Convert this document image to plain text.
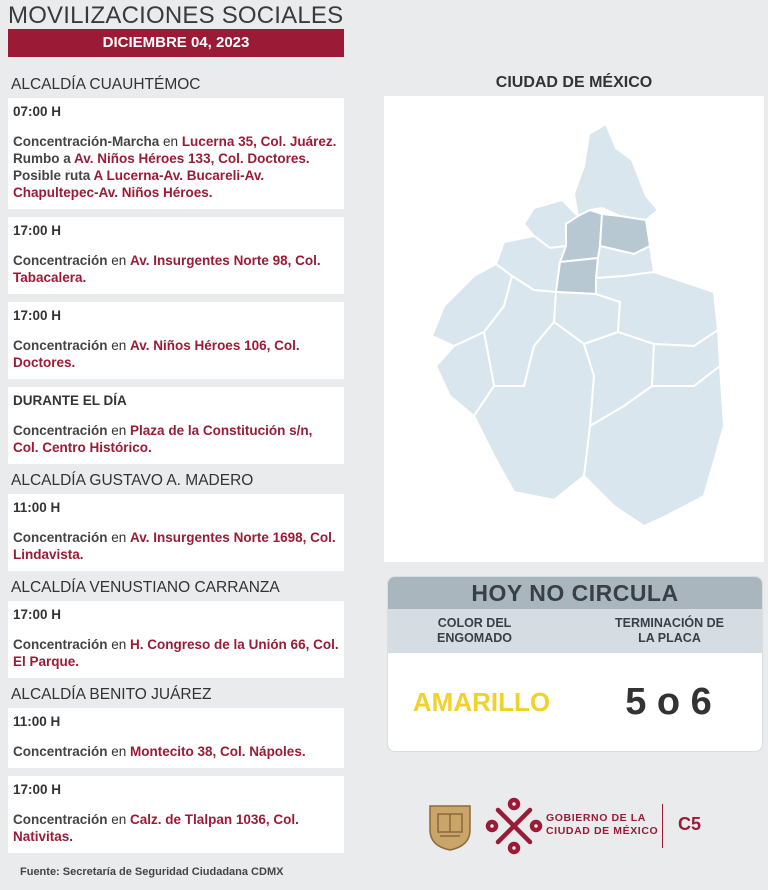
MOVILIZACIONES SOCIALES
DICIEMBRE 04, 2023
ALCALDÍA CUAUHTÉMOC
07:00 H
Concentración-Marcha en Lucerna 35, Col. Juárez. Rumbo a Av. Niños Héroes 133, Col. Doctores. Posible ruta A Lucerna-Av. Bucareli-Av. Chapultepec-Av. Niños Héroes.
17:00 H
Concentración en Av. Insurgentes Norte 98, Col. Tabacalera.
17:00 H
Concentración en Av. Niños Héroes 106, Col. Doctores.
DURANTE EL DÍA
Concentración en Plaza de la Constitución s/n, Col. Centro Histórico.
ALCALDÍA GUSTAVO A. MADERO
11:00 H
Concentración en Av. Insurgentes Norte 1698, Col. Lindavista.
ALCALDÍA VENUSTIANO CARRANZA
17:00 H
Concentración en H. Congreso de la Unión 66, Col. El Parque.
ALCALDÍA BENITO JUÁREZ
11:00 H
Concentración en Montecito 38, Col. Nápoles.
17:00 H
Concentración en Calz. de Tlalpan 1036, Col. Nativitas.
CIUDAD DE MÉXICO
HOY NO CIRCULA
COLOR DEL ENGOMADO
TERMINACIÓN DE LA PLACA
AMARILLO	5 o 6
GOBIERNO DE LA
CIUDAD DE MÉXICO C5
Fuente: Secretaría de Seguridad Ciudadana CDMX
